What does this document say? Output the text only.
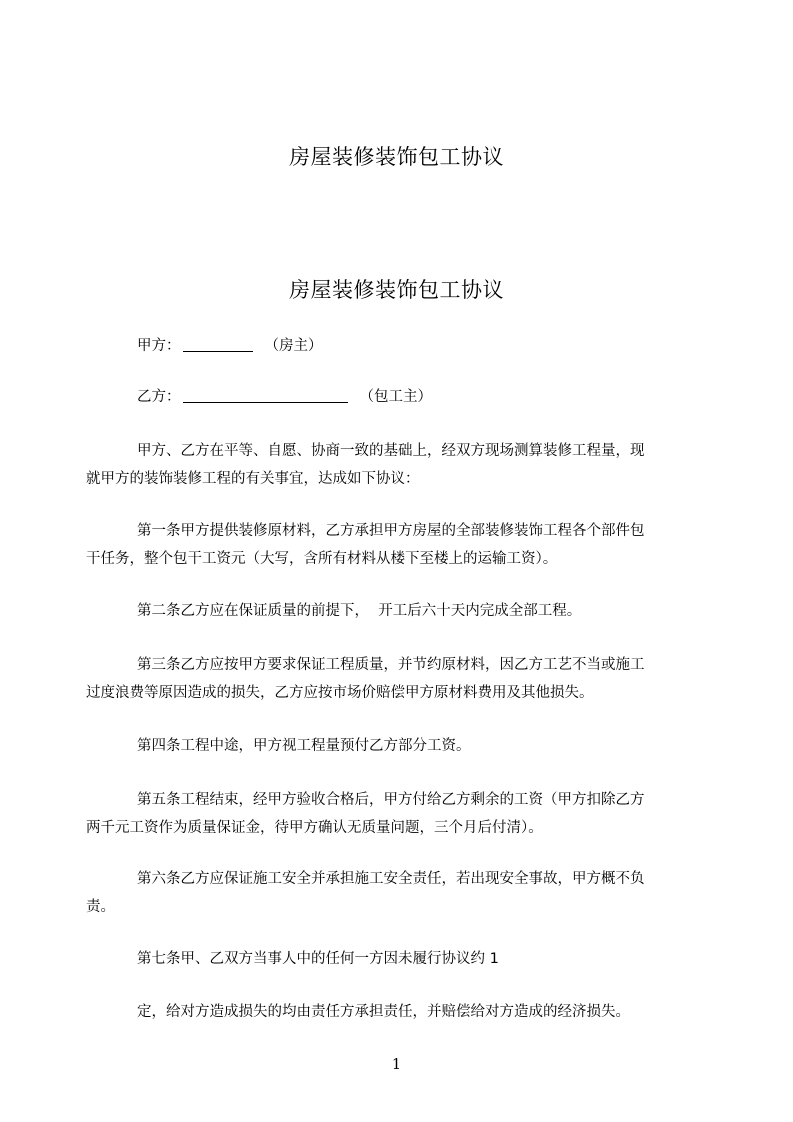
房屋装修装饰包工协议
房屋装修装饰包工协议
甲方：	（房主）
乙方：	（包工主）
甲方、乙方在平等、自愿、协商一致的基础上，经双方现场测算装修工程量，现
就甲方的装饰装修工程的有关事宜，达成如下协议：
第一条甲方提供装修原材料，乙方承担甲方房屋的全部装修装饰工程各个部件包
干任务，整个包干工资元（大写，含所有材料从楼下至楼上的运输工资）。
第二条乙方应在保证质量的前提下，  开工后六十天内完成全部工程。
第三条乙方应按甲方要求保证工程质量，并节约原材料，因乙方工艺不当或施工
过度浪费等原因造成的损失，乙方应按市场价赔偿甲方原材料费用及其他损失。
第四条工程中途，甲方视工程量预付乙方部分工资。
第五条工程结束，经甲方验收合格后，甲方付给乙方剩余的工资（甲方扣除乙方
两千元工资作为质量保证金，待甲方确认无质量问题，三个月后付清）。
第六条乙方应保证施工安全并承担施工安全责任，若出现安全事故，甲方概不负
责。
第七条甲、乙双方当事人中的任何一方因未履行协议约 1
定，给对方造成损失的均由责任方承担责任，并赔偿给对方造成的经济损失。
1
